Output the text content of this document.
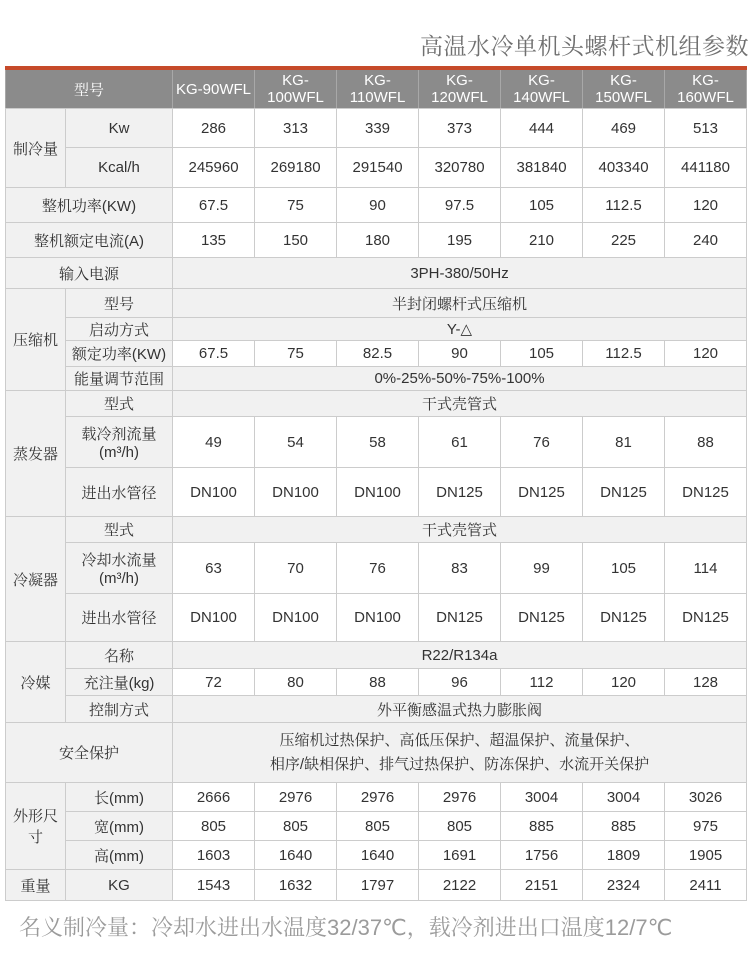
高温水冷单机头螺杆式机组参数
型号		KG-90WFL	KG-100WFL	KG-110WFL	KG-120WFL	KG-140WFL	KG-150WFL	KG-160WFL
制冷量	Kw	286	313	339	373	444	469	513
	Kcal/h	245960	269180	291540	320780	381840	403340	441180
整机功率(KW)		67.5	75	90	97.5	105	112.5	120
整机额定电流(A)		135	150	180	195	210	225	240
输入电源		3PH-380/50Hz						
压缩机	型号	半封闭螺杆式压缩机						
	启动方式	Y-△						
	额定功率(KW)	67.5	75	82.5	90	105	112.5	120
	能量调节范围	0%-25%-50%-75%-100%						
蒸发器	型式	干式壳管式						
	载冷剂流量(m³/h)	49	54	58	61	76	81	88
	进出水管径	DN100	DN100	DN100	DN125	DN125	DN125	DN125
冷凝器	型式	干式壳管式						
	冷却水流量(m³/h)	63	70	76	83	99	105	114
	进出水管径	DN100	DN100	DN100	DN125	DN125	DN125	DN125
冷媒	名称	R22/R134a						
	充注量(kg)	72	80	88	96	112	120	128
	控制方式	外平衡感温式热力膨胀阀						
安全保护		压缩机过热保护、高低压保护、超温保护、流量保护、
相序/缺相保护、排气过热保护、防冻保护、水流开关保护						

外形尺寸	长(mm)	2666	2976	2976	2976	3004	3004	3026
	宽(mm)	805	805	805	805	885	885	975
	高(mm)	1603	1640	1640	1691	1756	1809	1905
重量	KG	1543	1632	1797	2122	2151	2324	2411
名义制冷量：冷却水进出水温度32/37℃，载冷剂进出口温度12/7℃
